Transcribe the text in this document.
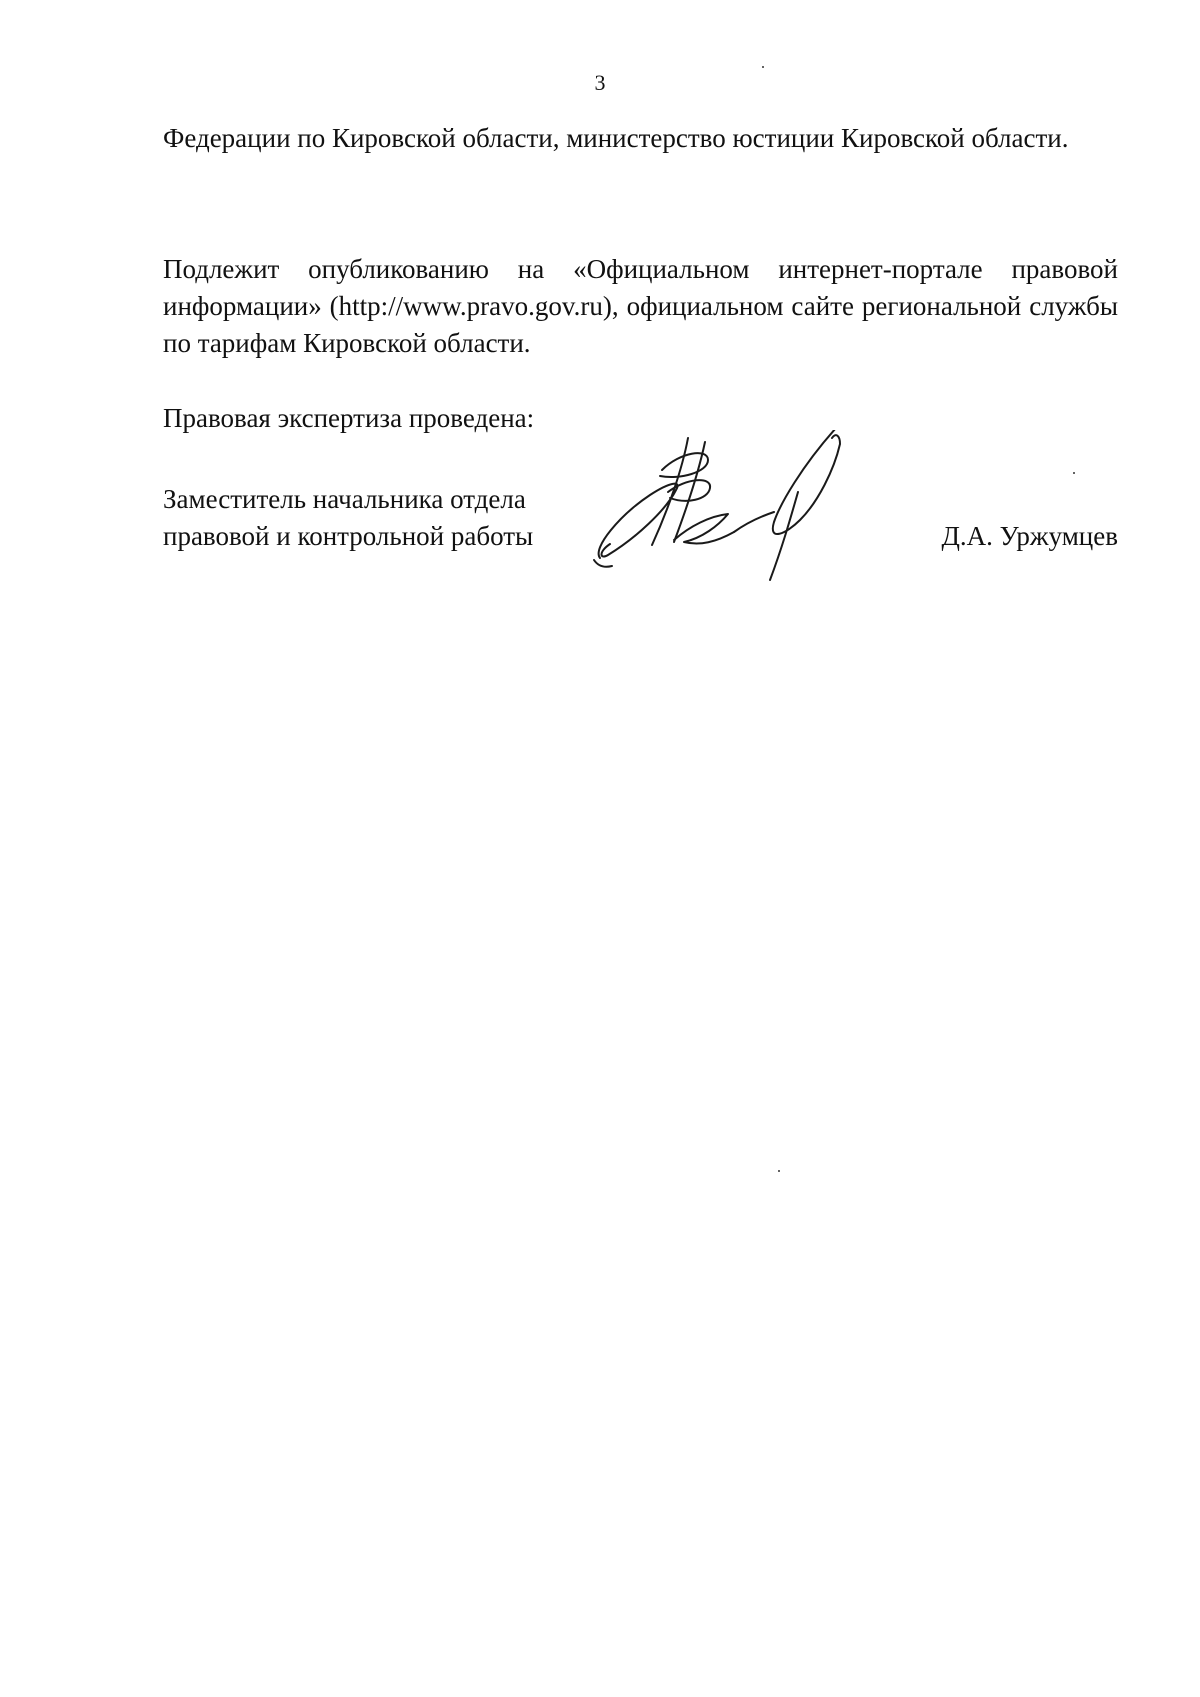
3
Федерации по Кировской области, министерство юстиции Кировской области.
Подлежит опубликованию на «Официальном интернет-портале правовой информации» (http://www.pravo.gov.ru), официальном сайте региональной службы по тарифам Кировской области.
Правовая экспертиза проведена:
Заместитель начальника отдела
правовой и контрольной работы	Д.А. Уржумцев
